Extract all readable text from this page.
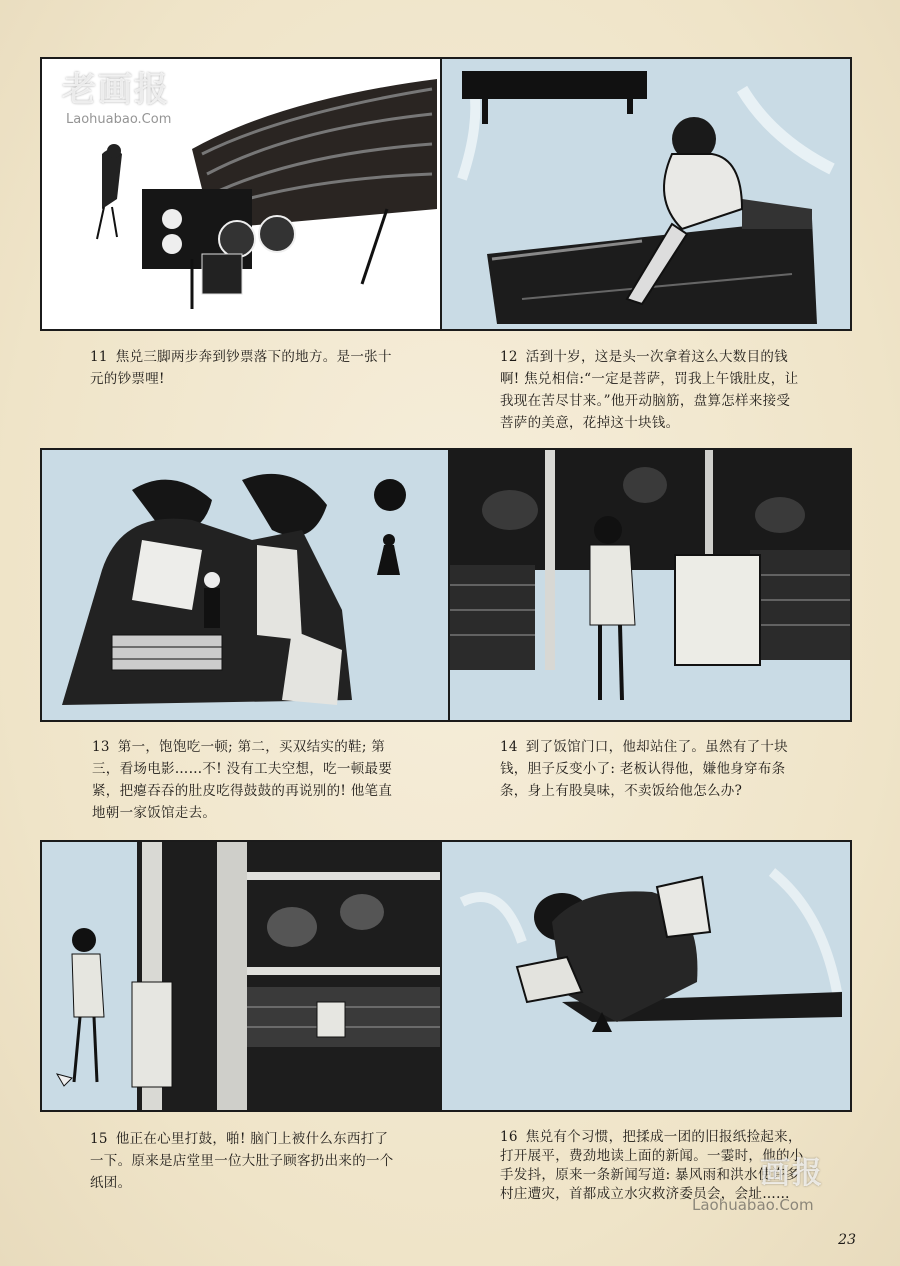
11 焦兑三脚两步奔到钞票落下的地方。是一张十元的钞票哩!
12 活到十岁，这是头一次拿着这么大数目的钱啊! 焦兑相信:“一定是菩萨，罚我上午饿肚皮，让我现在苦尽甘来。”他开动脑筋，盘算怎样来接受菩萨的美意，花掉这十块钱。
13 第一，饱饱吃一顿; 第二，买双结实的鞋; 第三，看场电影……不! 没有工夫空想，吃一顿最要紧，把瘪吞吞的肚皮吃得鼓鼓的再说别的! 他笔直地朝一家饭馆走去。
14 到了饭馆门口，他却站住了。虽然有了十块钱，胆子反变小了: 老板认得他，嫌他身穿布条条，身上有股臭味，不卖饭给他怎么办?
15 他正在心里打鼓，啪! 脑门上被什么东西打了一下。原来是店堂里一位大肚子顾客扔出来的一个纸团。
16 焦兑有个习惯，把揉成一团的旧报纸捡起来，打开展平，费劲地读上面的新闻。一霎时，他的小手发抖，原来一条新闻写道: 暴风雨和洪水使许多村庄遭灾，首都成立水灾救济委员会，会址……
老画报
Laohuabao.Com
画报
Laohuabao.Com
23
